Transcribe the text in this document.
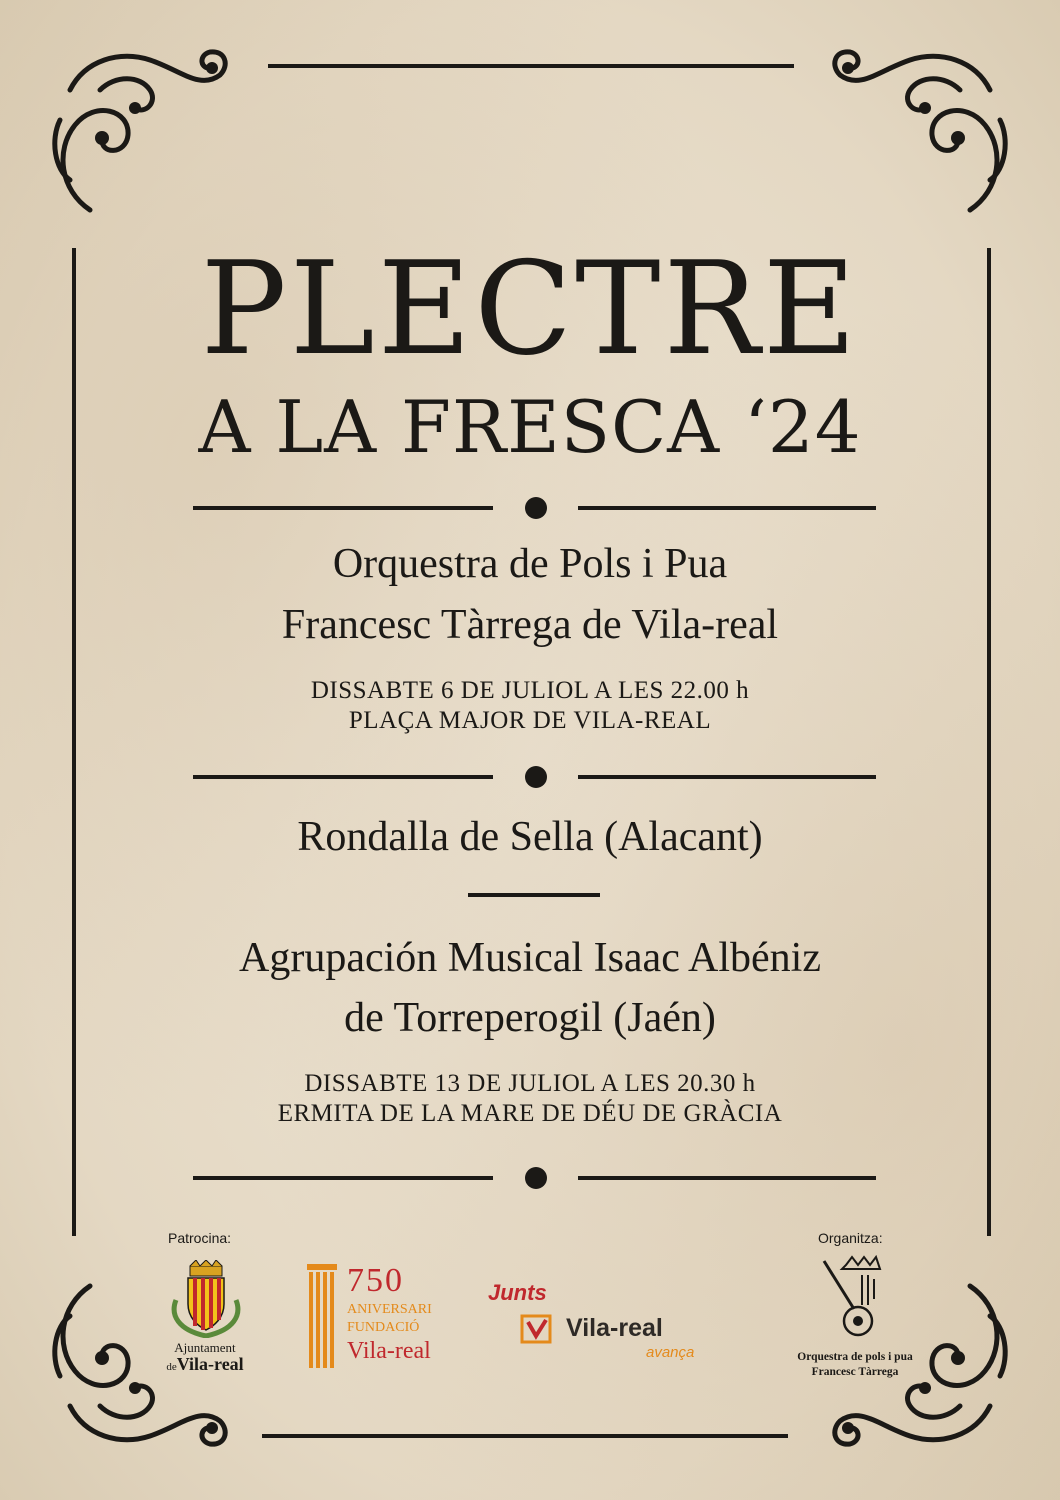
PLECTRE
A LA FRESCA ‘24
Orquestra de Pols i Pua
Francesc Tàrrega de Vila-real
DISSABTE 6 DE JULIOL A LES 22.00 h
PLAÇA MAJOR DE VILA-REAL
Rondalla de Sella (Alacant)
Agrupación Musical Isaac Albéniz
de Torreperogil (Jaén)
DISSABTE 13 DE JULIOL A LES 20.30 h
ERMITA DE LA MARE DE DÉU DE GRÀCIA
Patrocina:	Organitza:
Ajuntament
deVila-real
750
ANIVERSARI
FUNDACIÓ
Vila-real
Junts
Vila-real
avança	Orquestra de pols i pua
Francesc Tàrrega
